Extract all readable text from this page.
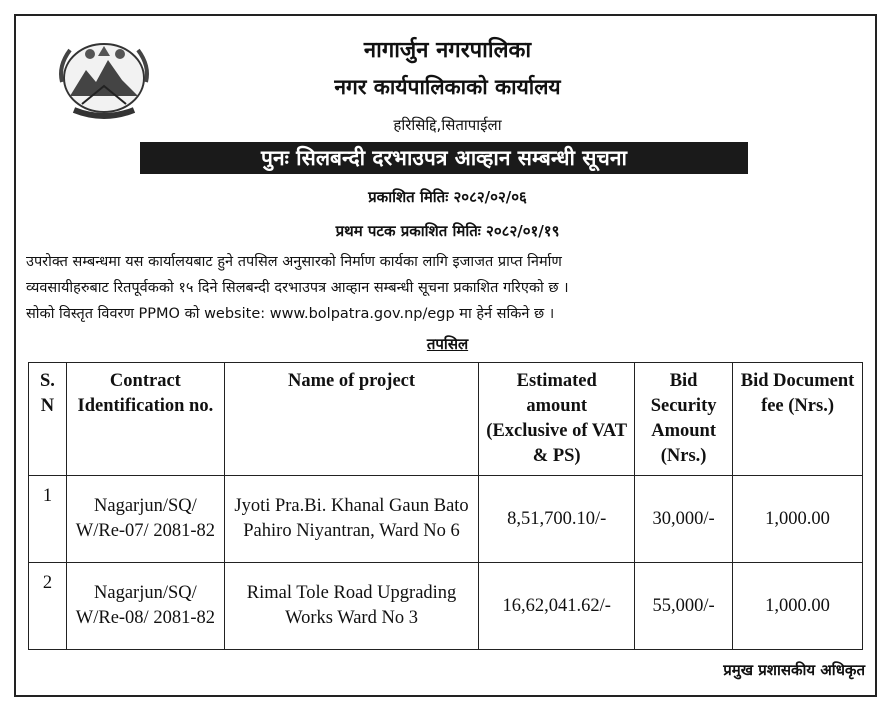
नागार्जुन नगरपालिका
नगर कार्यपालिकाको कार्यालय
हरिसिद्दि,सितापाईला
पुनः सिलबन्दी दरभाउपत्र आव्हान सम्बन्धी सूचना
प्रकाशित मितिः २०८२/०२/०६
प्रथम पटक प्रकाशित मितिः २०८२/०१/१९
उपरोक्त सम्बन्धमा यस कार्यालयबाट हुने तपसिल अनुसारको निर्माण कार्यका लागि इजाजत प्राप्त निर्माण
व्यवसायीहरुबाट रितपूर्वकको १५ दिने सिलबन्दी दरभाउपत्र आव्हान सम्बन्धी सूचना प्रकाशित गरिएको छ ।
सोको विस्तृत विवरण PPMO को website: www.bolpatra.gov.np/egp मा हेर्न सकिने छ ।
तपसिल
S. N	Contract Identification no.	Name of project	Estimated amount (Exclusive of VAT & PS)	Bid Security Amount (Nrs.)	Bid Document fee (Nrs.)
1	Nagarjun/SQ/ W/Re-07/ 2081-82	Jyoti Pra.Bi. Khanal Gaun Bato Pahiro Niyantran, Ward No 6	8,51,700.10/-	30,000/-	1,000.00
2	Nagarjun/SQ/ W/Re-08/ 2081-82	Rimal Tole Road Upgrading Works Ward No 3	16,62,041.62/-	55,000/-	1,000.00
प्रमुख प्रशासकीय अधिकृत
